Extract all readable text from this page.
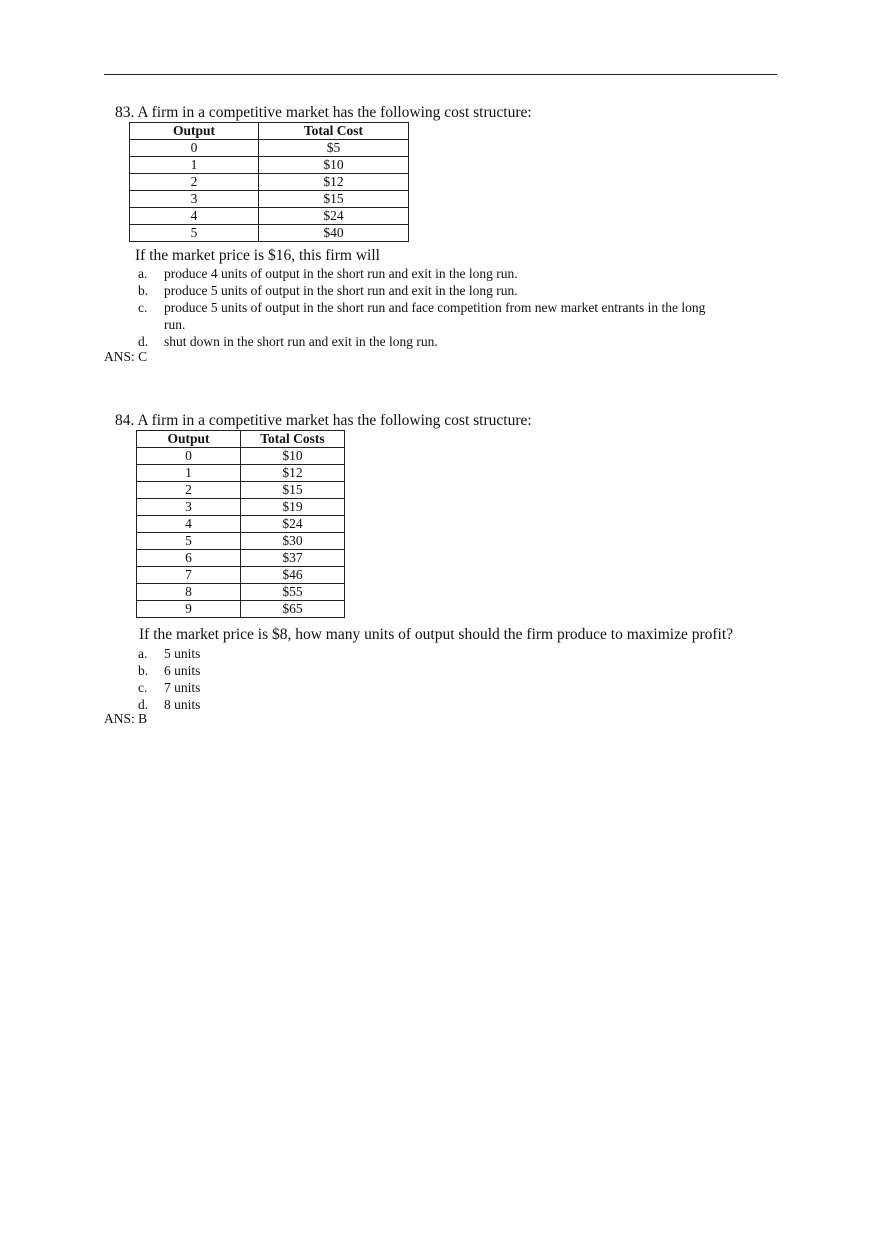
83. A firm in a competitive market has the following cost structure:
Output	Total Cost
0	$5
1	$10
2	$12
3	$15
4	$24
5	$40
If the market price is $16, this firm will
a.	produce 4 units of output in the short run and exit in the long run.
b.	produce 5 units of output in the short run and exit in the long run.
c.	produce 5 units of output in the short run and face competition from new market entrants in the long run.
d.	shut down in the short run and exit in the long run.
ANS: C
84. A firm in a competitive market has the following cost structure:
Output	Total Costs
0	$10
1	$12
2	$15
3	$19
4	$24
5	$30
6	$37
7	$46
8	$55
9	$65
If the market price is $8, how many units of output should the firm produce to maximize profit?
a.	5 units
b.	6 units
c.	7 units
d.	8 units
ANS: B
